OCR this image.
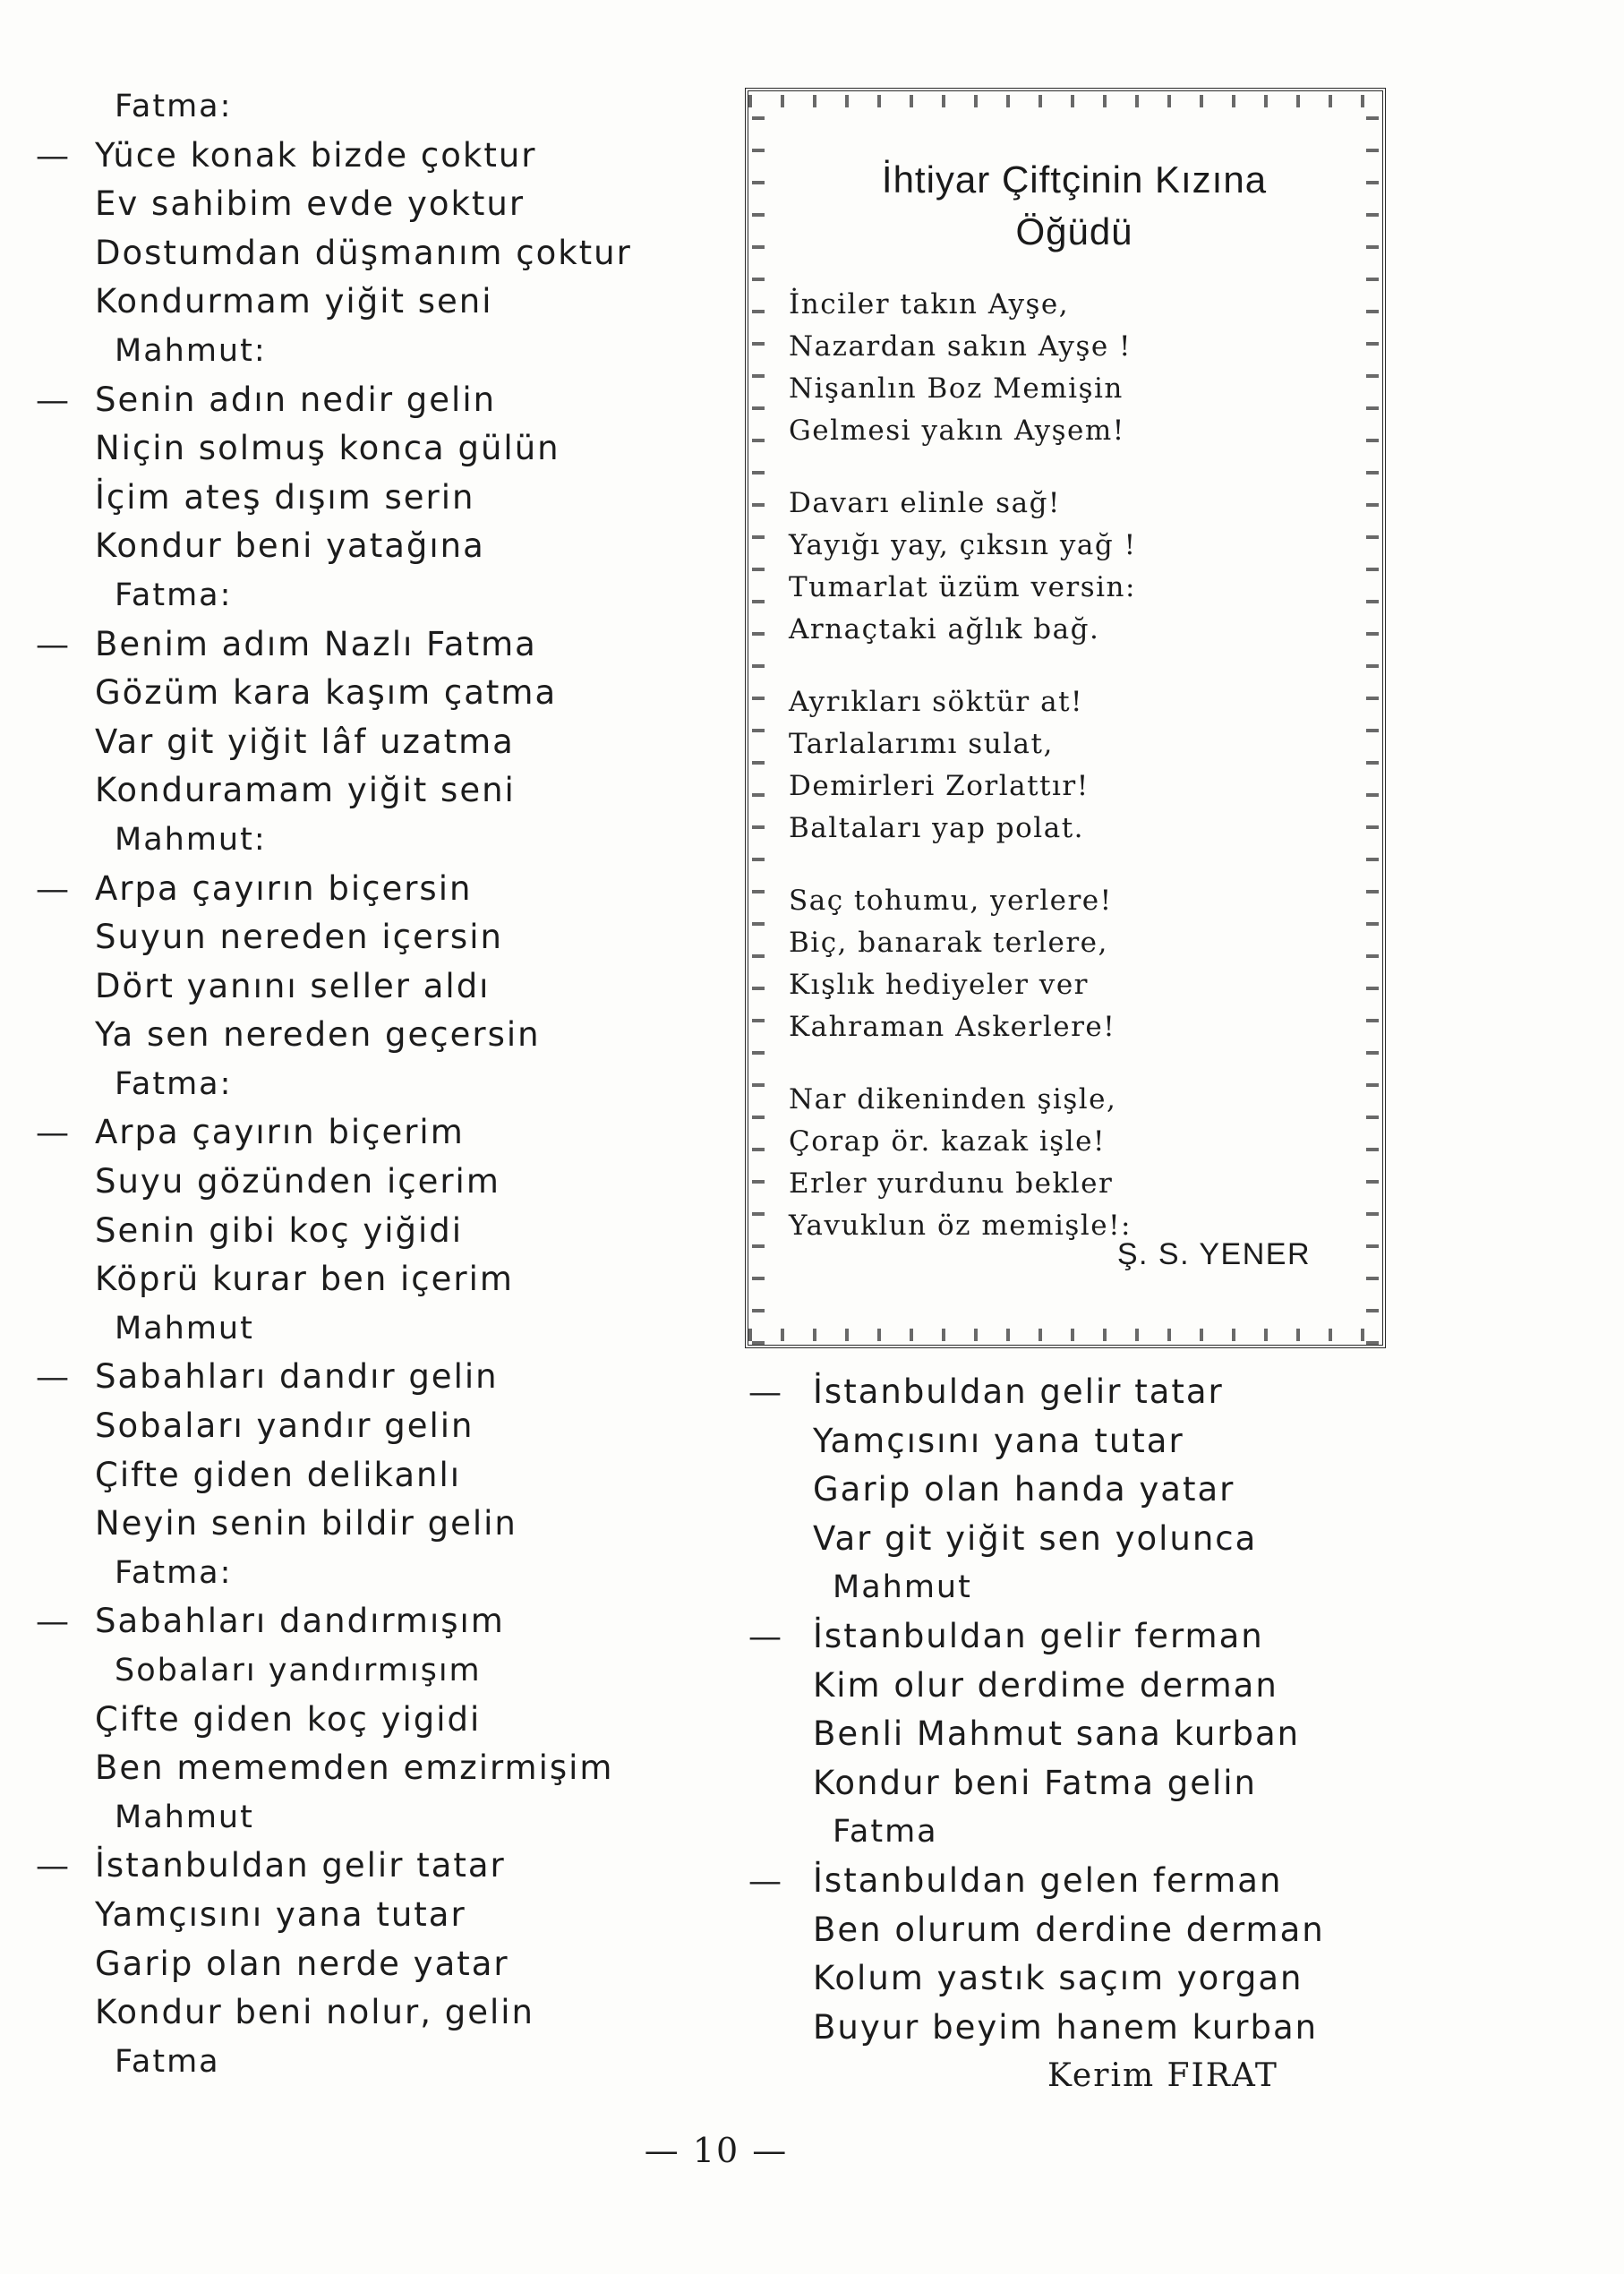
Fatma:
— Yüce konak bizde çoktur
Ev sahibim evde yoktur
Dostumdan düşmanım çoktur
Kondurmam yiğit seni
Mahmut:
— Senin adın nedir gelin
Niçin solmuş konca gülün
İçim ateş dışım serin
Kondur beni yatağına
Fatma:
— Benim adım Nazlı Fatma
Gözüm kara kaşım çatma
Var git yiğit lâf uzatma
Konduramam yiğit seni
Mahmut:
— Arpa çayırın biçersin
Suyun nereden içersin
Dört yanını seller aldı
Ya sen nereden geçersin
Fatma:
— Arpa çayırın biçerim
Suyu gözünden içerim
Senin gibi koç yiğidi
Köprü kurar ben içerim
Mahmut
— Sabahları dandır gelin
Sobaları yandır gelin
Çifte giden delikanlı
Neyin senin bildir gelin
Fatma:
— Sabahları dandırmışım
Sobaları yandırmışım
Çifte giden koç yigidi
Ben mememden emzirmişim
Mahmut
— İstanbuldan gelir tatar
Yamçısını yana tutar
Garip olan nerde yatar
Kondur beni nolur, gelin
Fatma
İhtiyar Çiftçinin Kızına
Öğüdü
İnciler takın Ayşe,
Nazardan sakın Ayşe !
Nişanlın Boz Memişin
Gelmesi yakın Ayşem!
Davarı elinle sağ!
Yayığı yay, çıksın yağ !
Tumarlat üzüm versin:
Arnaçtaki ağlık bağ.
Ayrıkları söktür at!
Tarlalarımı sulat,
Demirleri Zorlattır!
Baltaları yap polat.
Saç tohumu, yerlere!
Biç, banarak terlere,
Kışlık hediyeler ver
Kahraman Askerlere!
Nar dikeninden şişle,
Çorap ör. kazak işle!
Erler yurdunu bekler
Yavuklun öz memişle!:
Ş. S. YENER
— İstanbuldan gelir tatar
Yamçısını yana tutar
Garip olan handa yatar
Var git yiğit sen yolunca
Mahmut
— İstanbuldan gelir ferman
Kim olur derdime derman
Benli Mahmut sana kurban
Kondur beni Fatma gelin
Fatma
— İstanbuldan gelen ferman
Ben olurum derdine derman
Kolum yastık saçım yorgan
Buyur beyim hanem kurban
Kerim FIRAT
— 10 —
